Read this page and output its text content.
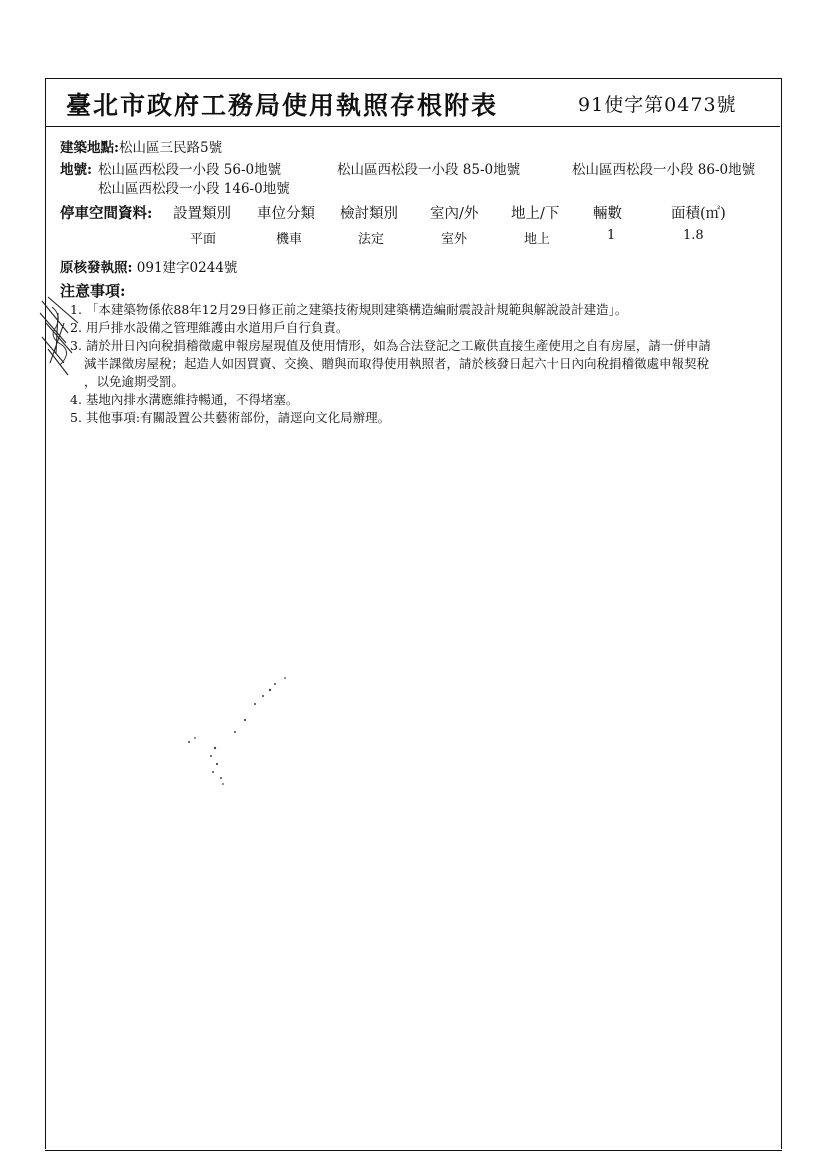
臺北市政府工務局使用執照存根附表	91使字第0473號
建築地點:松山區三民路5號
地號: 松山區西松段一小段 56-0地號	松山區西松段一小段 85-0地號	松山區西松段一小段 86-0地號
松山區西松段一小段 146-0地號
停車空間資料: 設置類別 車位分類 檢討類別 室內/外 地上/下 輛數	面積(㎡)
平面	機車	法定	室外	地上	1	1.8
原核發執照: 091建字0244號
注意事項:
1. 「本建築物係依88年12月29日修正前之建築技術規則建築構造編耐震設計規範與解說設計建造」。
2. 用戶排水設備之管理維護由水道用戶自行負責。
3. 請於卅日內向稅捐稽徵處申報房屋現值及使用情形，如為合法登記之工廠供直接生產使用之自有房屋，請一併申請
減半課徵房屋稅；起造人如因買賣、交換、贈與而取得使用執照者，請於核發日起六十日內向稅捐稽徵處申報契稅
，以免逾期受罰。
4. 基地內排水溝應維持暢通，不得堵塞。
5. 其他事項:有關設置公共藝術部份，請逕向文化局辦理。
